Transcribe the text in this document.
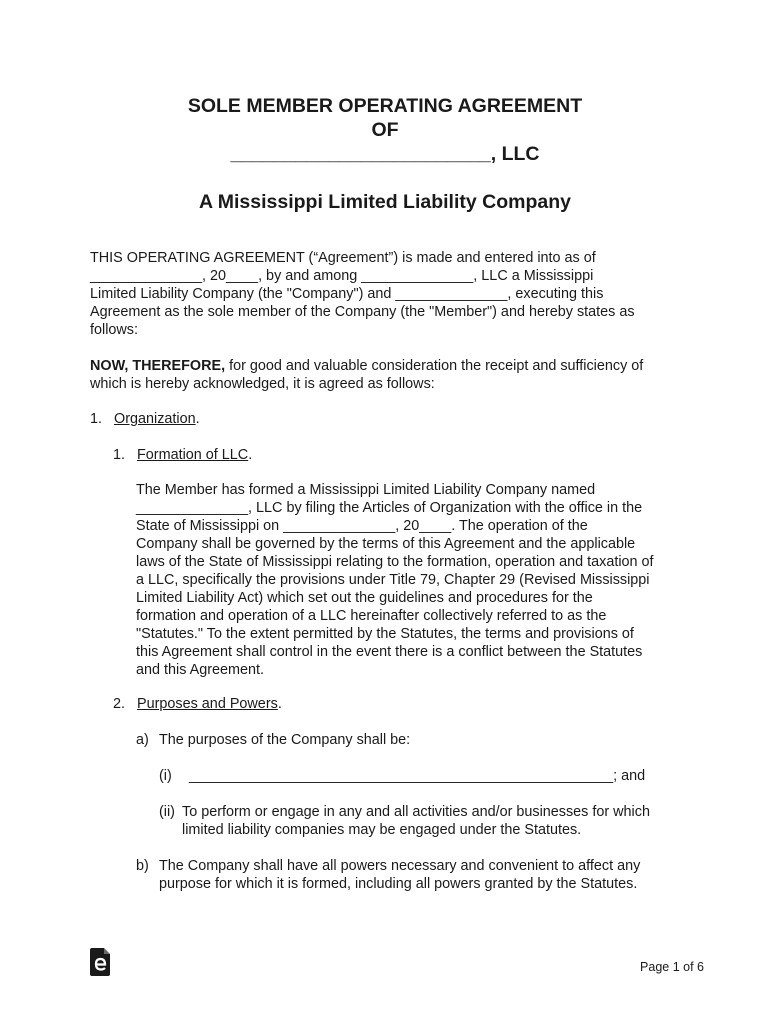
SOLE MEMBER OPERATING AGREEMENT
OF
________________________, LLC
A Mississippi Limited Liability Company
THIS OPERATING AGREEMENT (“Agreement”) is made and entered into as of
______________, 20____, by and among ______________, LLC a Mississippi
Limited Liability Company (the "Company") and ______________, executing this
Agreement as the sole member of the Company (the "Member") and hereby states as
follows:
NOW, THEREFORE, for good and valuable consideration the receipt and sufficiency of
which is hereby acknowledged, it is agreed as follows:
1. Organization.
1. Formation of LLC.
The Member has formed a Mississippi Limited Liability Company named
______________, LLC by filing the Articles of Organization with the office in the
State of Mississippi on ______________, 20____. The operation of the
Company shall be governed by the terms of this Agreement and the applicable
laws of the State of Mississippi relating to the formation, operation and taxation of
a LLC, specifically the provisions under Title 79, Chapter 29 (Revised Mississippi
Limited Liability Act) which set out the guidelines and procedures for the
formation and operation of a LLC hereinafter collectively referred to as the
"Statutes." To the extent permitted by the Statutes, the terms and provisions of
this Agreement shall control in the event there is a conflict between the Statutes
and this Agreement.
2. Purposes and Powers.
a) The purposes of the Company shall be:
(i) _____________________________________________________; and
(ii) To perform or engage in any and all activities and/or businesses for which
limited liability companies may be engaged under the Statutes.
b) The Company shall have all powers necessary and convenient to affect any
purpose for which it is formed, including all powers granted by the Statutes.
Page 1 of 6
